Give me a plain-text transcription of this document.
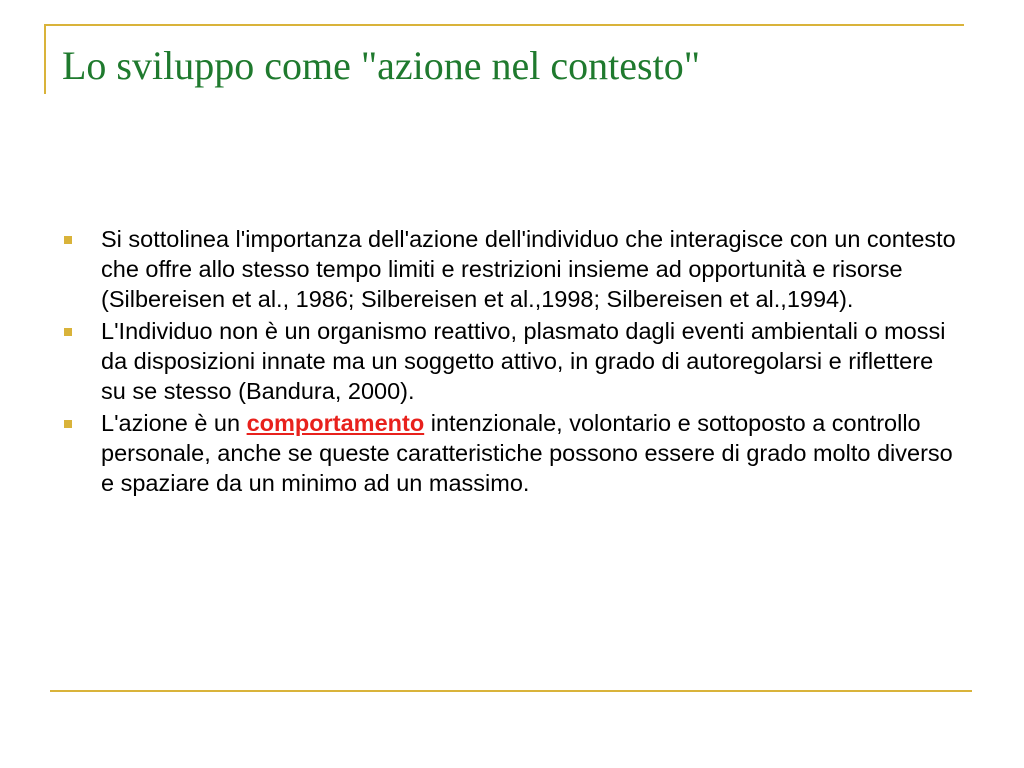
Lo sviluppo come "azione nel contesto"
Si sottolinea l'importanza dell'azione dell'individuo che interagisce con un contesto che offre allo stesso tempo limiti e restrizioni insieme ad opportunità e risorse (Silbereisen et al., 1986; Silbereisen et al.,1998; Silbereisen et al.,1994).
L'Individuo non è un organismo reattivo, plasmato dagli eventi ambientali o mossi da disposizioni innate ma un soggetto attivo, in grado di autoregolarsi e riflettere su se stesso (Bandura, 2000).
L'azione è un comportamento intenzionale, volontario e sottoposto a controllo personale, anche se queste caratteristiche possono essere di grado molto diverso e spaziare da un minimo ad un massimo.
